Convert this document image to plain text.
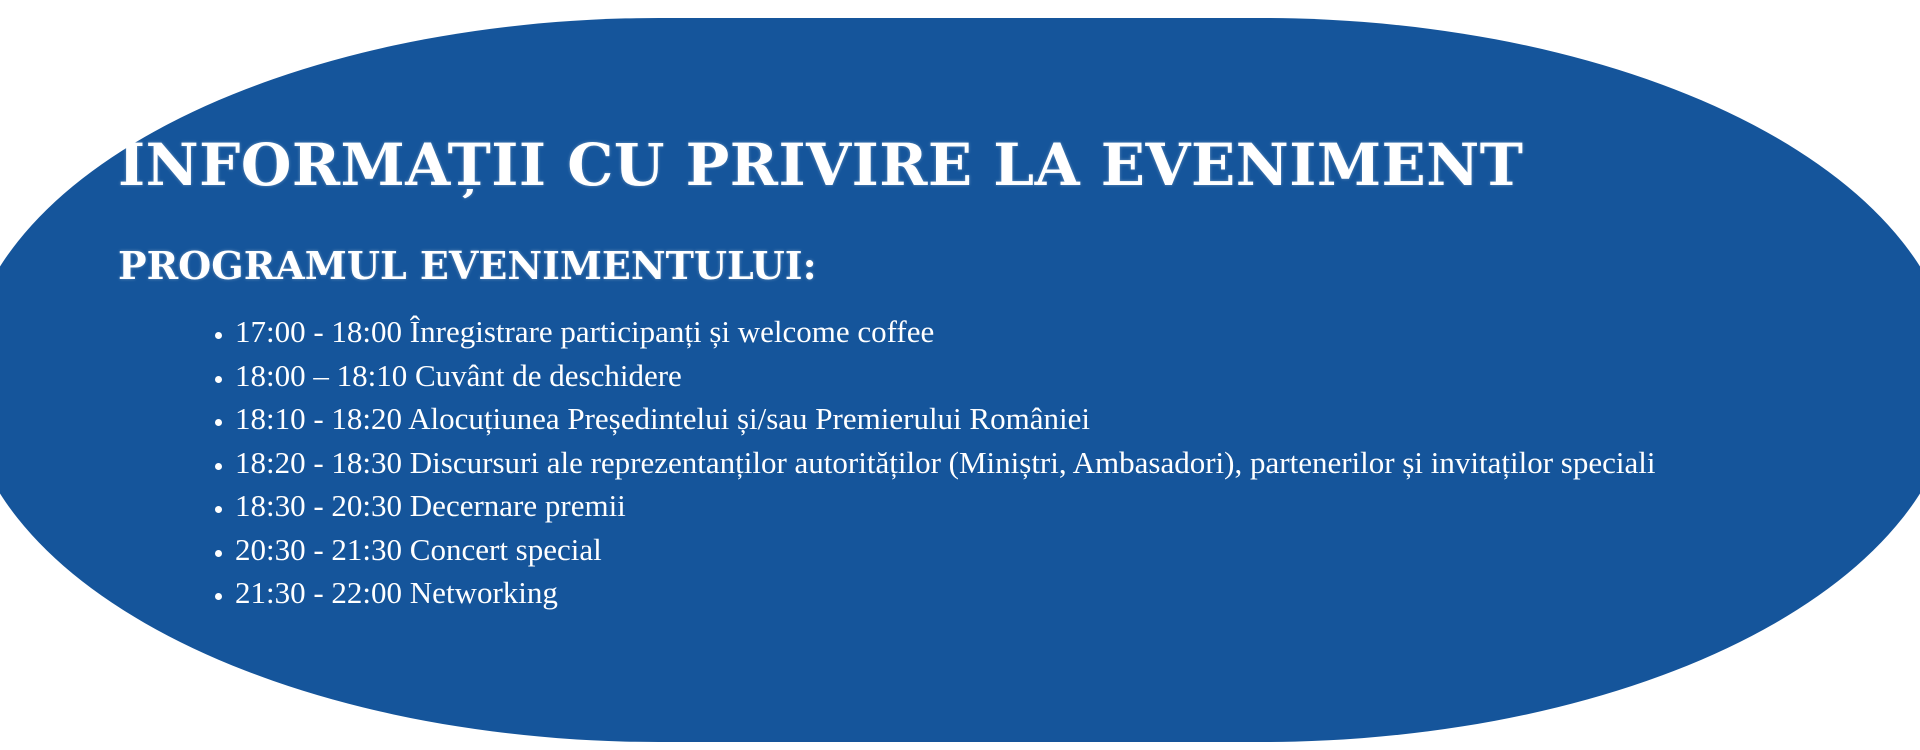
INFORMAȚII CU PRIVIRE LA EVENIMENT
PROGRAMUL EVENIMENTULUI:
• 17:00 - 18:00 Înregistrare participanți și welcome coffee
• 18:00 – 18:10 Cuvânt de deschidere
• 18:10 - 18:20 Alocuțiunea Președintelui și/sau Premierului României
• 18:20 - 18:30 Discursuri ale reprezentanților autorităților (Miniștri, Ambasadori), partenerilor și invitaților speciali
• 18:30 - 20:30 Decernare premii
• 20:30 - 21:30 Concert special
• 21:30 - 22:00 Networking
